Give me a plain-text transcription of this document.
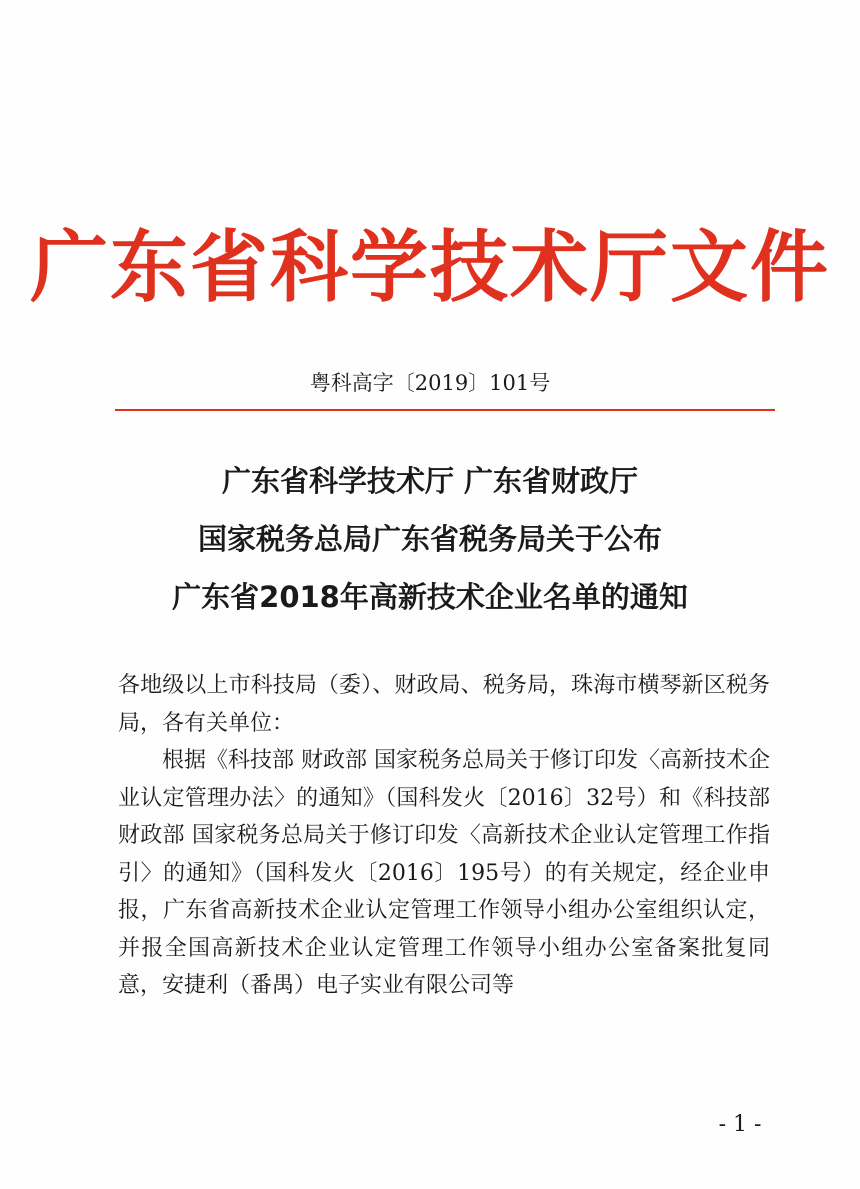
广东省科学技术厅文件
粤科高字〔2019〕101号
广东省科学技术厅 广东省财政厅
国家税务总局广东省税务局关于公布
广东省2018年高新技术企业名单的通知

各地级以上市科技局（委）、财政局、税务局，珠海市横琴新区税务局，各有关单位：

根据《科技部 财政部 国家税务总局关于修订印发〈高新技术企业认定管理办法〉的通知》（国科发火〔2016〕32号）和《科技部 财政部 国家税务总局关于修订印发〈高新技术企业认定管理工作指引〉的通知》（国科发火〔2016〕195号）的有关规定，经企业申报，广东省高新技术企业认定管理工作领导小组办公室组织认定，并报全国高新技术企业认定管理工作领导小组办公室备案批复同意，安捷利（番禺）电子实业有限公司等

- 1 -
